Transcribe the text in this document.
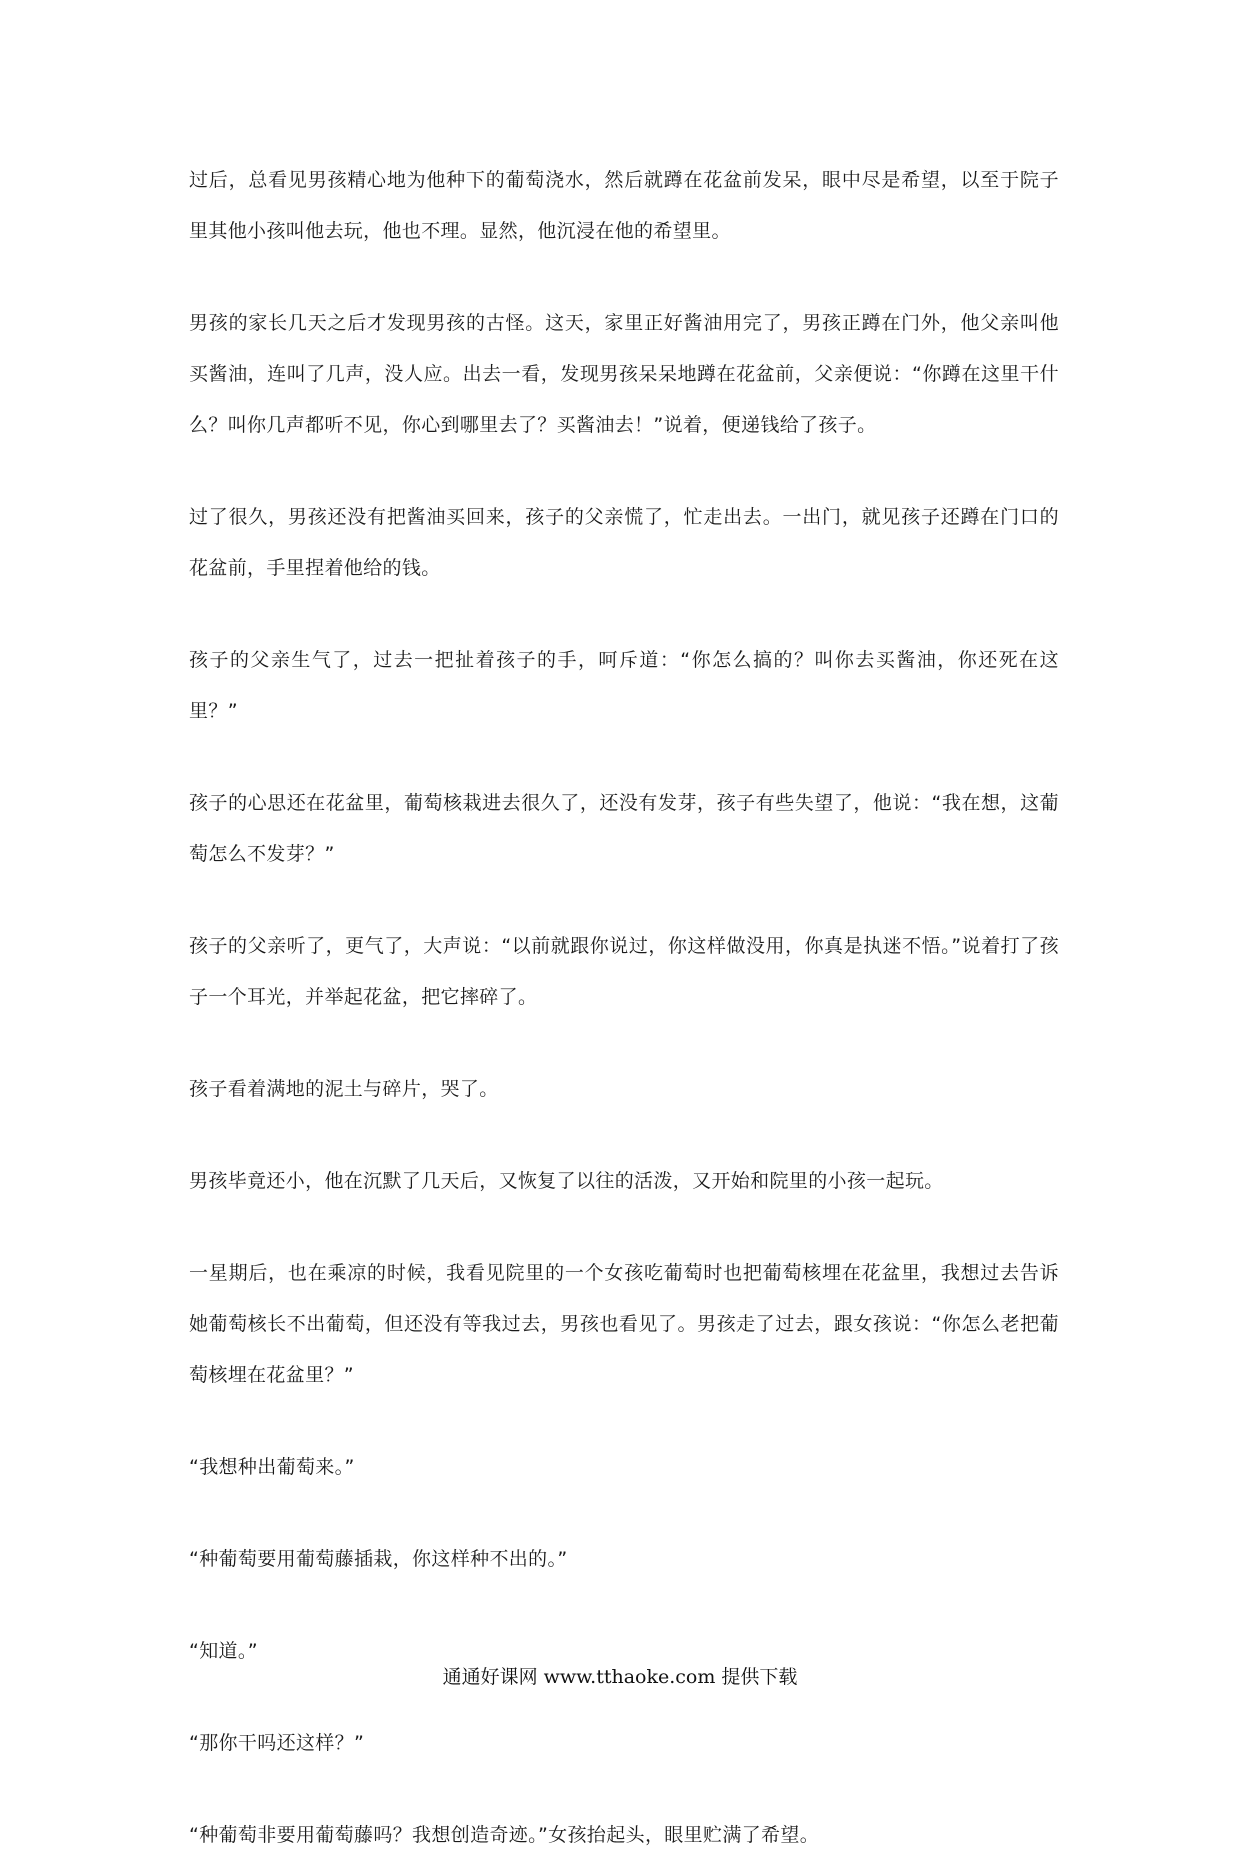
过后，总看见男孩精心地为他种下的葡萄浇水，然后就蹲在花盆前发呆，眼中尽是希望，以至于院子里其他小孩叫他去玩，他也不理。显然，他沉浸在他的希望里。

男孩的家长几天之后才发现男孩的古怪。这天，家里正好酱油用完了，男孩正蹲在门外，他父亲叫他买酱油，连叫了几声，没人应。出去一看，发现男孩呆呆地蹲在花盆前，父亲便说：“你蹲在这里干什么？叫你几声都听不见，你心到哪里去了？买酱油去！”说着，便递钱给了孩子。

过了很久，男孩还没有把酱油买回来，孩子的父亲慌了，忙走出去。一出门，就见孩子还蹲在门口的花盆前，手里捏着他给的钱。

孩子的父亲生气了，过去一把扯着孩子的手，呵斥道：“你怎么搞的？叫你去买酱油，你还死在这里？”

孩子的心思还在花盆里，葡萄核栽进去很久了，还没有发芽，孩子有些失望了，他说：“我在想，这葡萄怎么不发芽？”

孩子的父亲听了，更气了，大声说：“以前就跟你说过，你这样做没用，你真是执迷不悟。”说着打了孩子一个耳光，并举起花盆，把它摔碎了。

孩子看着满地的泥土与碎片，哭了。

男孩毕竟还小，他在沉默了几天后，又恢复了以往的活泼，又开始和院里的小孩一起玩。

一星期后，也在乘凉的时候，我看见院里的一个女孩吃葡萄时也把葡萄核埋在花盆里，我想过去告诉她葡萄核长不出葡萄，但还没有等我过去，男孩也看见了。男孩走了过去，跟女孩说：“你怎么老把葡萄核埋在花盆里？”

“我想种出葡萄来。”

“种葡萄要用葡萄藤插栽，你这样种不出的。”

“知道。”

“那你干吗还这样？”

“种葡萄非要用葡萄藤吗？我想创造奇迹。”女孩抬起头，眼里贮满了希望。

通通好课网 www.tthaoke.com 提供下载
